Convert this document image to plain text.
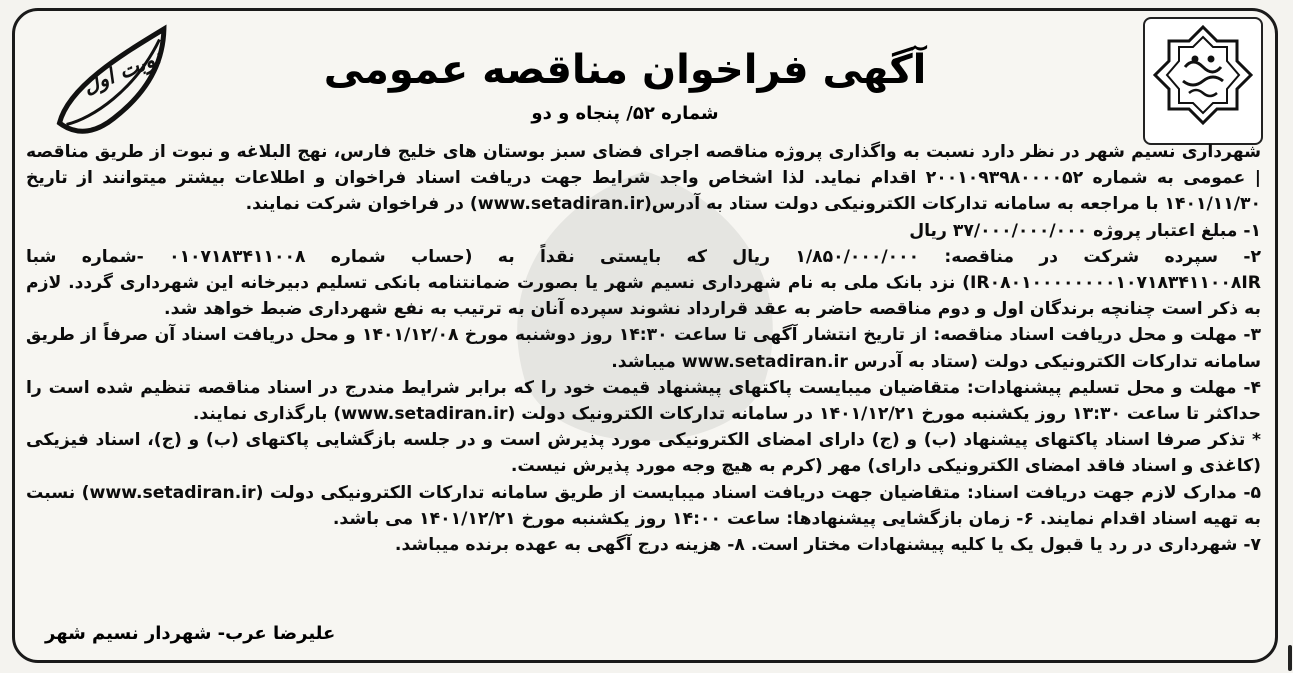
نوبت اول	آگهی فراخوان مناقصه عمومی
شماره ۵۲/ پنجاه و دو

شهرداری نسیم شهر در نظر دارد نسبت به واگذاری پروژه مناقصه اجرای فضای سبز بوستان های خلیج فارس، نهج البلاغه و نبوت از طریق مناقصه | عمومی به شماره ۲۰۰۱۰۹۳۹۸۰۰۰۰۵۲ اقدام نماید. لذا اشخاص واجد شرایط جهت دریافت اسناد فراخوان و اطلاعات بیشتر میتوانند از تاریخ ۱۴۰۱/۱۱/۳۰ با مراجعه به سامانه تدارکات الکترونیکی دولت ستاد به آدرس(www.setadiran.ir) در فراخوان شرکت نمایند.

۱- مبلغ اعتبار پروژه ۳۷/۰۰۰/۰۰۰/۰۰۰ ریال

۲- سپرده شرکت در مناقصه: ۱/۸۵۰/۰۰۰/۰۰۰ ریال که بایستی نقداً به (حساب شماره ۰۱۰۷۱۸۳۴۱۱۰۰۸ -شماره شبا IR۰۸۰۱۰۰۰۰۰۰۰۰۱۰۷۱۸۳۴۱۱۰۰۸IR) نزد بانک ملی به نام شهرداری نسیم شهر یا بصورت ضمانتنامه بانکی تسلیم دبیرخانه این شهرداری گردد. لازم به ذکر است چنانچه برندگان اول و دوم مناقصه حاضر به عقد قرارداد نشوند سپرده آنان به ترتیب به نفع شهرداری ضبط خواهد شد.

۳- مهلت و محل دریافت اسناد مناقصه: از تاریخ انتشار آگهی تا ساعت ۱۴:۳۰ روز دوشنبه مورخ ۱۴۰۱/۱۲/۰۸ و محل دریافت اسناد آن صرفاً از طریق سامانه تدارکات الکترونیکی دولت (ستاد به آدرس www.setadiran.ir میباشد.

۴- مهلت و محل تسلیم پیشنهادات: متقاضیان میبایست پاکتهای پیشنهاد قیمت خود را که برابر شرایط مندرج در اسناد مناقصه تنظیم شده است را حداکثر تا ساعت ۱۳:۳۰ روز یکشنبه مورخ ۱۴۰۱/۱۲/۲۱ در سامانه تدارکات الکترونیک دولت (www.setadiran.ir) بارگذاری نمایند.

* تذکر صرفا اسناد پاکتهای پیشنهاد (ب) و (ج) دارای امضای الکترونیکی مورد پذیرش است و در جلسه بازگشایی پاکتهای (ب) و (ج)، اسناد فیزیکی (کاغذی و اسناد فاقد امضای الکترونیکی دارای) مهر (کرم به هیچ وجه مورد پذیرش نیست.

۵- مدارک لازم جهت دریافت اسناد: متقاضیان جهت دریافت اسناد میبایست از طریق سامانه تدارکات الکترونیکی دولت (www.setadiran.ir) نسبت به تهیه اسناد اقدام نمایند. ۶- زمان بازگشایی پیشنهادها: ساعت ۱۴:۰۰ روز یکشنبه مورخ ۱۴۰۱/۱۲/۲۱ می باشد.

۷- شهرداری در رد یا قبول یک یا کلیه پیشنهادات مختار است. ۸- هزینه درج آگهی به عهده برنده میباشد.

علیرضا عرب- شهردار نسیم شهر
